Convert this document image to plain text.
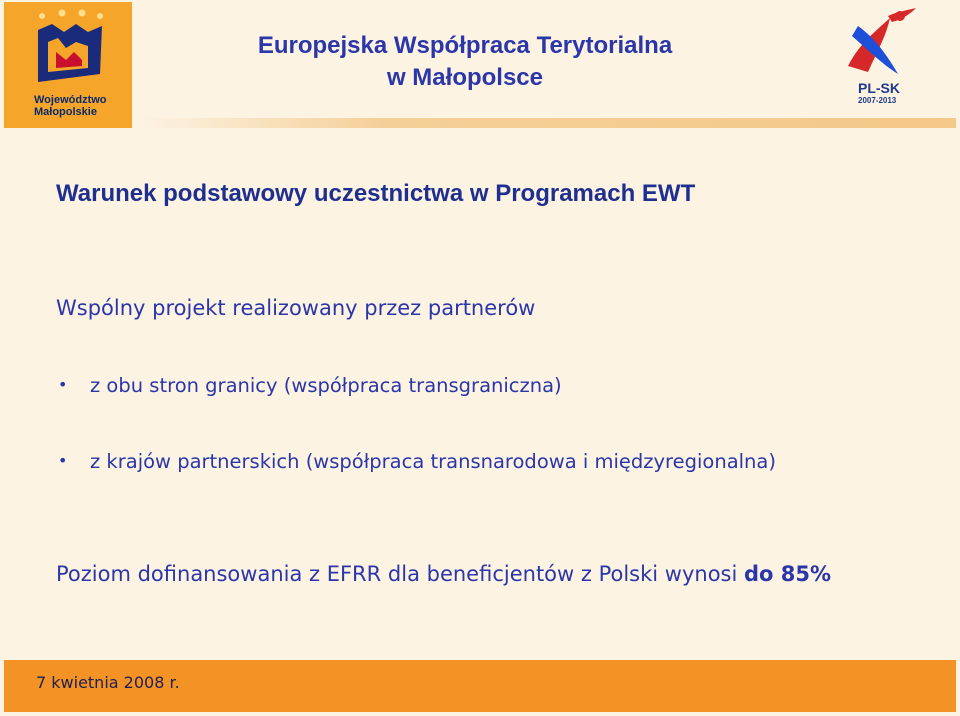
Województwo
Małopolskie
Europejska Współpraca Terytorialna
w Małopolsce	PL-SK
2007-2013
Warunek podstawowy uczestnictwa w Programach EWT
Wspólny projekt realizowany przez partnerów
• z obu stron granicy (współpraca transgraniczna)
• z krajów partnerskich (współpraca transnarodowa i międzyregionalna)
Poziom dofinansowania z EFRR dla beneficjentów z Polski wynosi do 85%
7 kwietnia 2008 r.
